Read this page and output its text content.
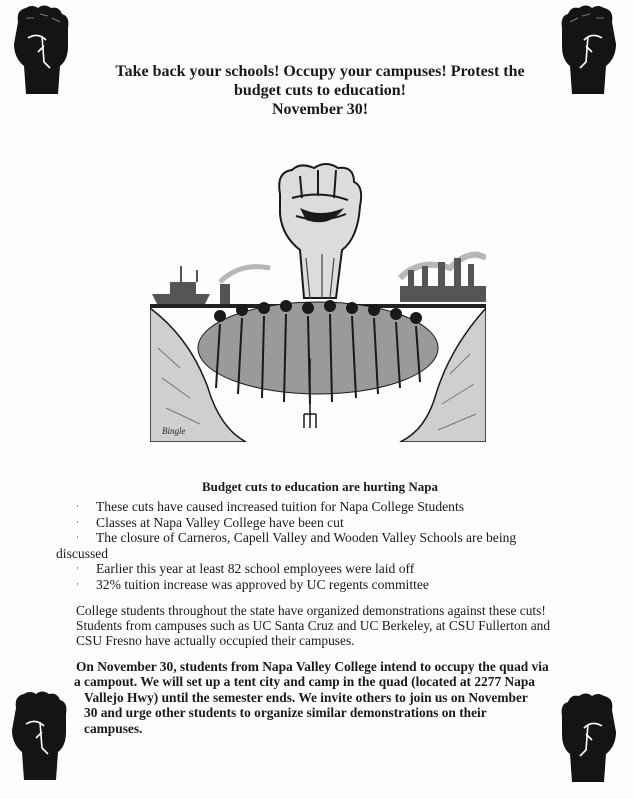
Take back your schools! Occupy your campuses! Protest the
budget cuts to education!
November 30!
Bingle
Budget cuts to education are hurting Napa
· These cuts have caused increased tuition for Napa College Students
· Classes at Napa Valley College have been cut
· The closure of Carneros, Capell Valley and Wooden Valley Schools are being
discussed
· Earlier this year at least 82 school employees were laid off
· 32% tuition increase was approved by UC regents committee
College students throughout the state have organized demonstrations against these cuts!
Students from campuses such as UC Santa Cruz and UC Berkeley, at CSU Fullerton and
CSU Fresno have actually occupied their campuses.
On November 30, students from Napa Valley College intend to occupy the quad via
a campout. We will set up a tent city and camp in the quad (located at 2277 Napa
Vallejo Hwy) until the semester ends. We invite others to join us on November
30 and urge other students to organize similar demonstrations on their
campuses.
